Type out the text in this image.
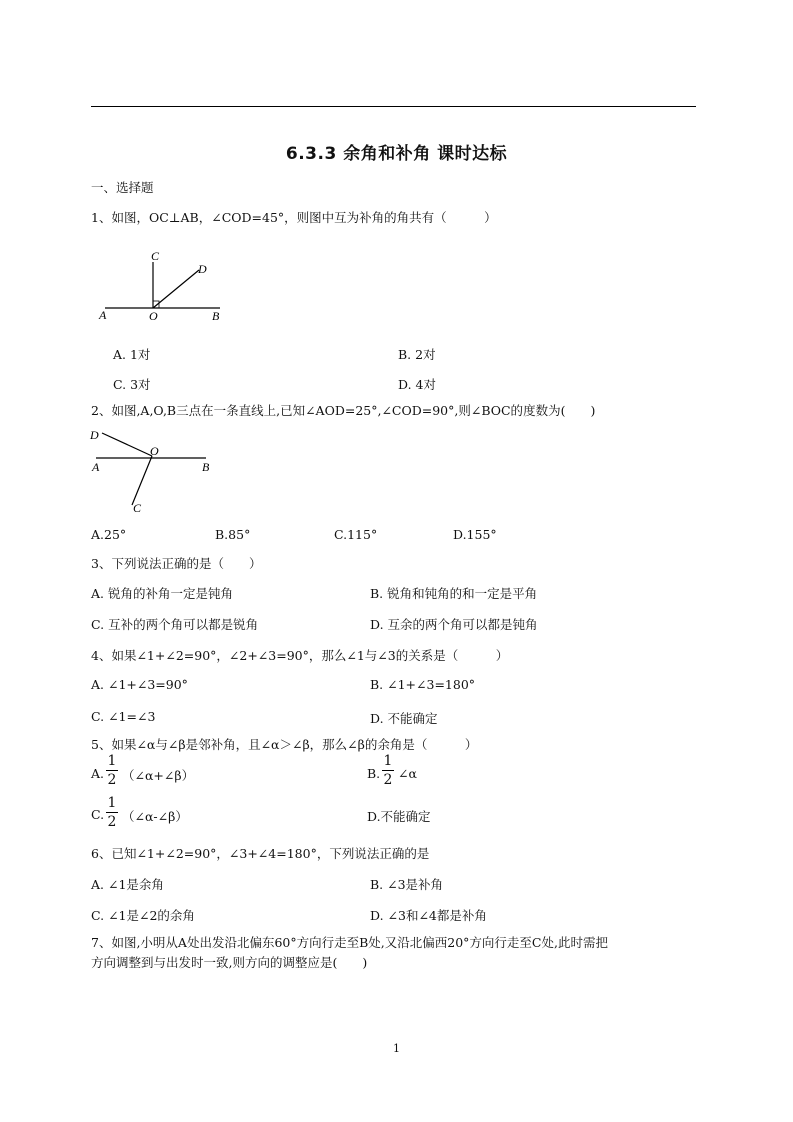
6.3.3 余角和补角 课时达标
一、选择题
1、如图，OC⊥AB，∠COD=45°，则图中互为补角的角共有（　　　）
C
D
A	O	B
A. 1对	B. 2对
C. 3对	D. 4对
2、如图,A,O,B三点在一条直线上,已知∠AOD=25°,∠COD=90°,则∠BOC的度数为(　　)
D
O
A	B
C
A.25°	B.85°	C.115°	D.155°
3、下列说法正确的是（　　）
A. 锐角的补角一定是钝角	B. 锐角和钝角的和一定是平角
C. 互补的两个角可以都是锐角	D. 互余的两个角可以都是钝角
4、如果∠1+∠2=90°，∠2+∠3=90°，那么∠1与∠3的关系是（　　　）
A. ∠1+∠3=90°	B. ∠1+∠3=180°
C. ∠1=∠3	D. 不能确定
5、如果∠α与∠β是邻补角，且∠α＞∠β，那么∠β的余角是（　　　）
A.
1
2 （∠α+∠β）	B.
1
2 ∠α
C.
1
2 （∠α-∠β）	D.不能确定
6、已知∠1+∠2=90°，∠3+∠4=180°，下列说法正确的是
A. ∠1是余角	B. ∠3是补角
C. ∠1是∠2的余角	D. ∠3和∠4都是补角
7、如图,小明从A处出发沿北偏东60°方向行走至B处,又沿北偏西20°方向行走至C处,此时需把
方向调整到与出发时一致,则方向的调整应是(　　)
1
